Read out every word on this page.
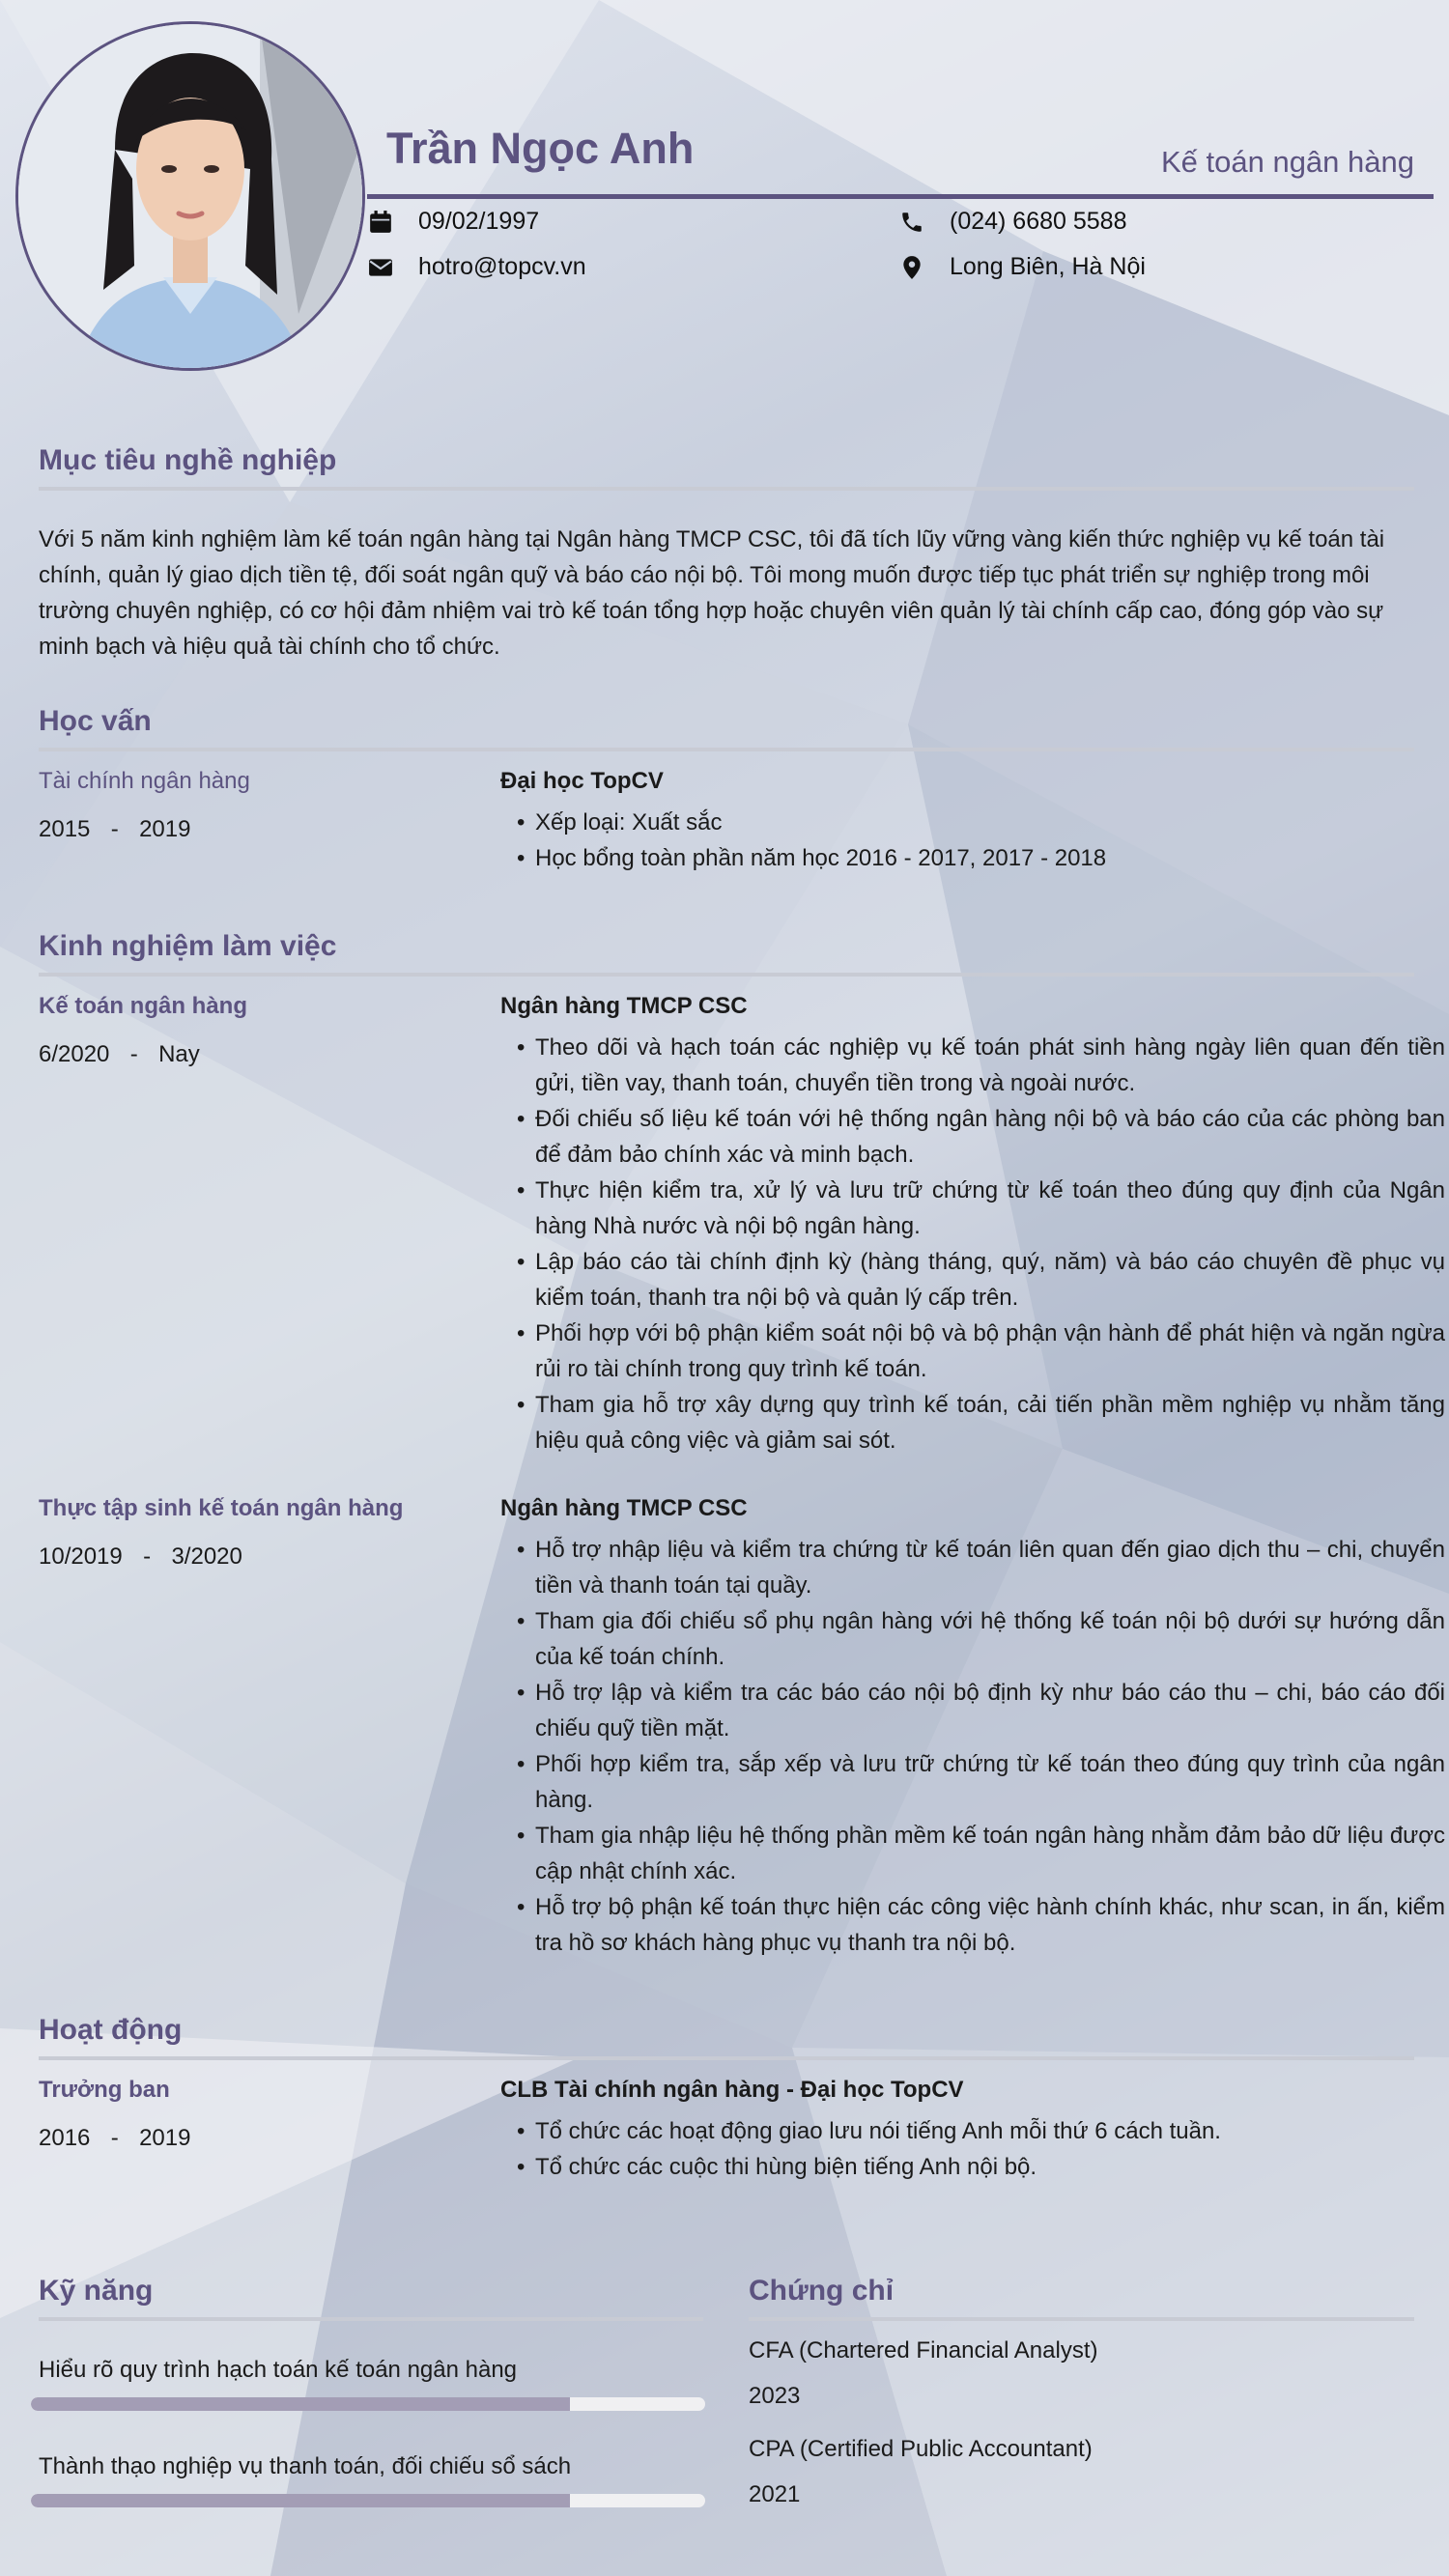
Trần Ngọc Anh	Kế toán ngân hàng
09/02/1997	(024) 6680 5588
hotro@topcv.vn	Long Biên, Hà Nội
Mục tiêu nghề nghiệp

Với 5 năm kinh nghiệm làm kế toán ngân hàng tại Ngân hàng TMCP CSC, tôi đã tích lũy vững vàng kiến thức nghiệp vụ kế toán tài chính, quản lý giao dịch tiền tệ, đối soát ngân quỹ và báo cáo nội bộ. Tôi mong muốn được tiếp tục phát triển sự nghiệp trong môi trường chuyên nghiệp, có cơ hội đảm nhiệm vai trò kế toán tổng hợp hoặc chuyên viên quản lý tài chính cấp cao, đóng góp vào sự minh bạch và hiệu quả tài chính cho tổ chức.

Học vấn
Tài chính ngân hàng
2015 - 2019
Đại học TopCV
• Xếp loại: Xuất sắc
• Học bổng toàn phần năm học 2016 - 2017, 2017 - 2018
Kinh nghiệm làm việc
Kế toán ngân hàng
6/2020 - Nay
Ngân hàng TMCP CSC
• Theo dõi và hạch toán các nghiệp vụ kế toán phát sinh hàng ngày liên quan đến tiền gửi, tiền vay, thanh toán, chuyển tiền trong và ngoài nước.
• Đối chiếu số liệu kế toán với hệ thống ngân hàng nội bộ và báo cáo của các phòng ban để đảm bảo chính xác và minh bạch.
• Thực hiện kiểm tra, xử lý và lưu trữ chứng từ kế toán theo đúng quy định của Ngân hàng Nhà nước và nội bộ ngân hàng.
• Lập báo cáo tài chính định kỳ (hàng tháng, quý, năm) và báo cáo chuyên đề phục vụ kiểm toán, thanh tra nội bộ và quản lý cấp trên.
• Phối hợp với bộ phận kiểm soát nội bộ và bộ phận vận hành để phát hiện và ngăn ngừa rủi ro tài chính trong quy trình kế toán.
• Tham gia hỗ trợ xây dựng quy trình kế toán, cải tiến phần mềm nghiệp vụ nhằm tăng hiệu quả công việc và giảm sai sót.
Thực tập sinh kế toán ngân hàng
10/2019 - 3/2020
Ngân hàng TMCP CSC
• Hỗ trợ nhập liệu và kiểm tra chứng từ kế toán liên quan đến giao dịch thu – chi, chuyển tiền và thanh toán tại quầy.
• Tham gia đối chiếu sổ phụ ngân hàng với hệ thống kế toán nội bộ dưới sự hướng dẫn của kế toán chính.
• Hỗ trợ lập và kiểm tra các báo cáo nội bộ định kỳ như báo cáo thu – chi, báo cáo đối chiếu quỹ tiền mặt.
• Phối hợp kiểm tra, sắp xếp và lưu trữ chứng từ kế toán theo đúng quy trình của ngân hàng.
• Tham gia nhập liệu hệ thống phần mềm kế toán ngân hàng nhằm đảm bảo dữ liệu được cập nhật chính xác.
• Hỗ trợ bộ phận kế toán thực hiện các công việc hành chính khác, như scan, in ấn, kiểm tra hồ sơ khách hàng phục vụ thanh tra nội bộ.
Hoạt động
Trưởng ban
2016 - 2019
CLB Tài chính ngân hàng - Đại học TopCV
• Tổ chức các hoạt động giao lưu nói tiếng Anh mỗi thứ 6 cách tuần.
• Tổ chức các cuộc thi hùng biện tiếng Anh nội bộ.
Kỹ năng
Hiểu rõ quy trình hạch toán kế toán ngân hàng
Thành thạo nghiệp vụ thanh toán, đối chiếu sổ sách
Chứng chỉ
CFA (Chartered Financial Analyst)
2023
CPA (Certified Public Accountant)
2021
